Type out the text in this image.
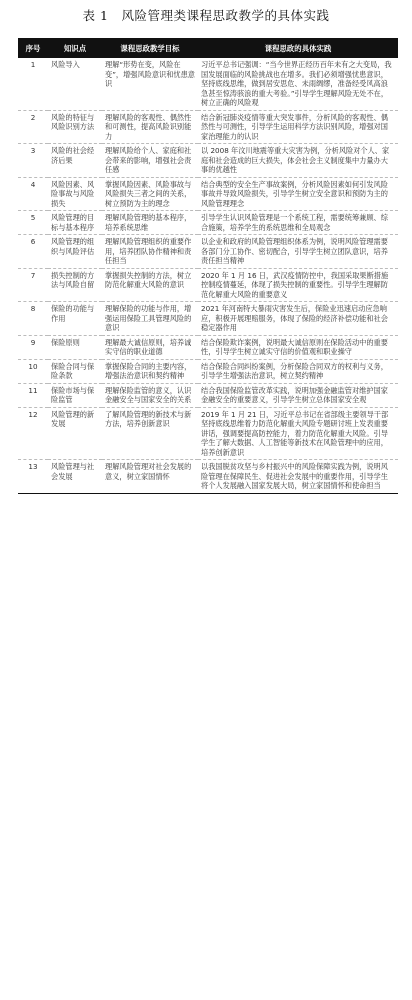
表 1　风险管理类课程思政教学的具体实践
序号	知识点	课程思政教学目标	课程思政的具体实践
1	风险导入	理解“形势在变，风险在变”，增强风险意识和忧患意识	习近平总书记强调：“当今世界正经历百年未有之大变局，我国发展面临的风险挑战也在增多。我们必须增强忧患意识，坚持底线思维，做到居安思危、未雨绸缪，准备经受风高浪急甚至惊涛骇浪的重大考验。”引导学生理解风险无处不在，树立正确的风险观
2	风险的特征与风险识别方法	理解风险的客观性、偶然性和可测性，提高风险识别能力	结合新冠肺炎疫情等重大突发事件，分析风险的客观性、偶然性与可测性，引导学生运用科学方法识别风险，增强对国家治理能力的认识
3	风险的社会经济后果	理解风险给个人、家庭和社会带来的影响，增强社会责任感	以 2008 年汶川地震等重大灾害为例，分析风险对个人、家庭和社会造成的巨大损失，体会社会主义制度集中力量办大事的优越性
4	风险因素、风险事故与风险损失	掌握风险因素、风险事故与风险损失三者之间的关系，树立预防为主的理念	结合典型的安全生产事故案例，分析风险因素如何引发风险事故并导致风险损失，引导学生树立安全意识和预防为主的风险管理理念
5	风险管理的目标与基本程序	理解风险管理的基本程序，培养系统思维	引导学生认识风险管理是一个系统工程，需要统筹兼顾、综合施策，培养学生的系统思维和全局观念
6	风险管理的组织与风险评估	理解风险管理组织的重要作用，培养团队协作精神和责任担当	以企业和政府的风险管理组织体系为例，说明风险管理需要各部门分工协作、密切配合，引导学生树立团队意识，培养责任担当精神
7	损失控制的方法与风险自留	掌握损失控制的方法，树立防范化解重大风险的意识	2020 年 1 月 16 日，武汉疫情防控中，我国采取果断措施控制疫情蔓延，体现了损失控制的重要性。引导学生理解防范化解重大风险的重要意义
8	保险的功能与作用	理解保险的功能与作用，增强运用保险工具管理风险的意识	2021 年河南特大暴雨灾害发生后，保险业迅速启动应急响应，积极开展理赔服务，体现了保险的经济补偿功能和社会稳定器作用
9	保险原则	理解最大诚信原则，培养诚实守信的职业道德	结合保险欺诈案例，说明最大诚信原则在保险活动中的重要性，引导学生树立诚实守信的价值观和职业操守
10	保险合同与保险条款	掌握保险合同的主要内容，增强法治意识和契约精神	结合保险合同纠纷案例，分析保险合同双方的权利与义务，引导学生增强法治意识，树立契约精神
11	保险市场与保险监管	理解保险监管的意义，认识金融安全与国家安全的关系	结合我国保险监管改革实践，说明加强金融监管对维护国家金融安全的重要意义，引导学生树立总体国家安全观
12	风险管理的新发展	了解风险管理的新技术与新方法，培养创新意识	2019 年 1 月 21 日，习近平总书记在省部级主要领导干部坚持底线思维着力防范化解重大风险专题研讨班上发表重要讲话，强调要提高防控能力，着力防范化解重大风险。引导学生了解大数据、人工智能等新技术在风险管理中的应用，培养创新意识
13	风险管理与社会发展	理解风险管理对社会发展的意义，树立家国情怀	以我国脱贫攻坚与乡村振兴中的风险保障实践为例，说明风险管理在保障民生、促进社会发展中的重要作用，引导学生将个人发展融入国家发展大局，树立家国情怀和使命担当
